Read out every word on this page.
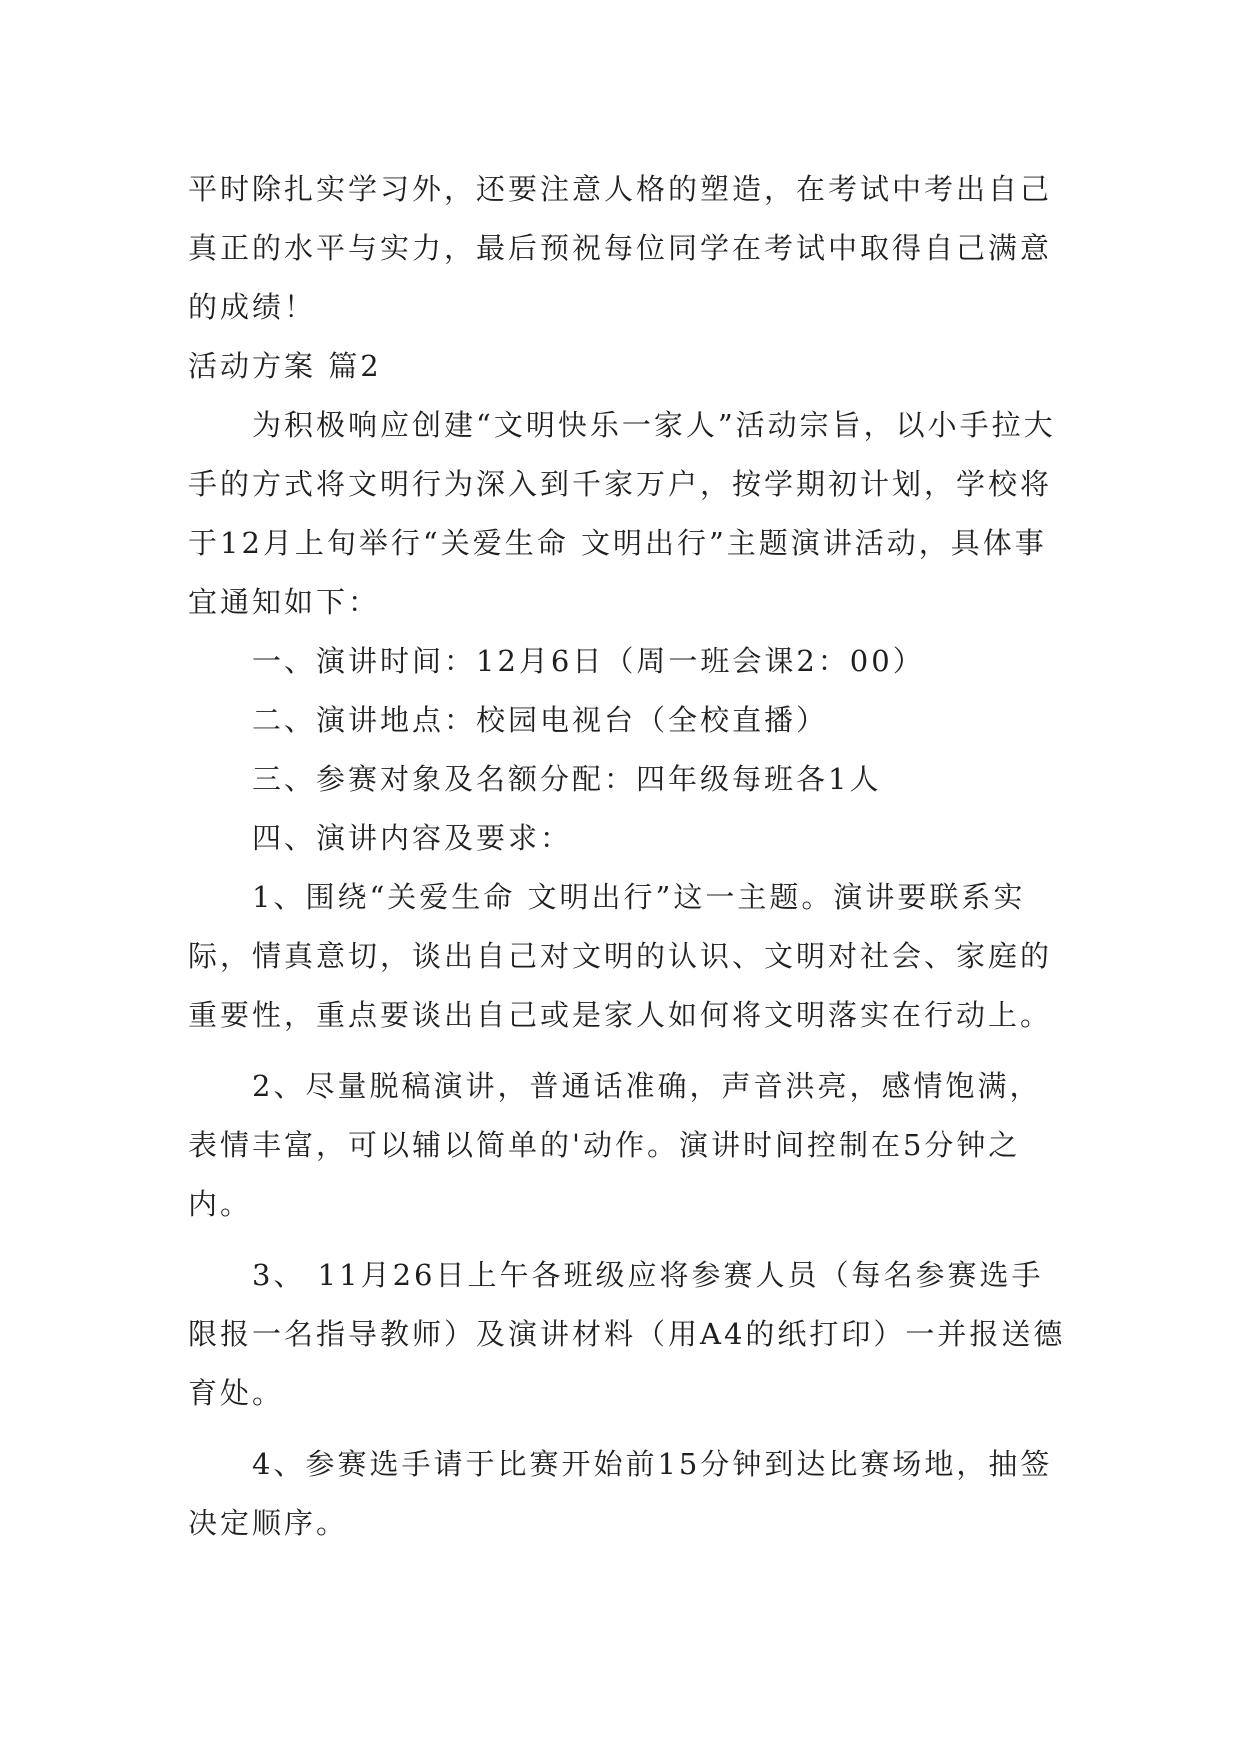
平时除扎实学习外，还要注意人格的塑造，在考试中考出自己真正的水平与实力，最后预祝每位同学在考试中取得自己满意的成绩！

活动方案 篇2

为积极响应创建“文明快乐一家人”活动宗旨，以小手拉大手的方式将文明行为深入到千家万户，按学期初计划，学校将于12月上旬举行“关爱生命 文明出行”主题演讲活动，具体事宜通知如下：

一、演讲时间：12月6日（周一班会课2：00）

二、演讲地点：校园电视台（全校直播）

三、参赛对象及名额分配：四年级每班各1人

四、演讲内容及要求：

1、围绕“关爱生命 文明出行”这一主题。演讲要联系实际，情真意切，谈出自己对文明的认识、文明对社会、家庭的重要性，重点要谈出自己或是家人如何将文明落实在行动上。

2、尽量脱稿演讲，普通话准确，声音洪亮，感情饱满，表情丰富，可以辅以简单的'动作。演讲时间控制在5分钟之内。

3、 11月26日上午各班级应将参赛人员（每名参赛选手限报一名指导教师）及演讲材料（用A4的纸打印）一并报送德育处。

4、参赛选手请于比赛开始前15分钟到达比赛场地，抽签决定顺序。
